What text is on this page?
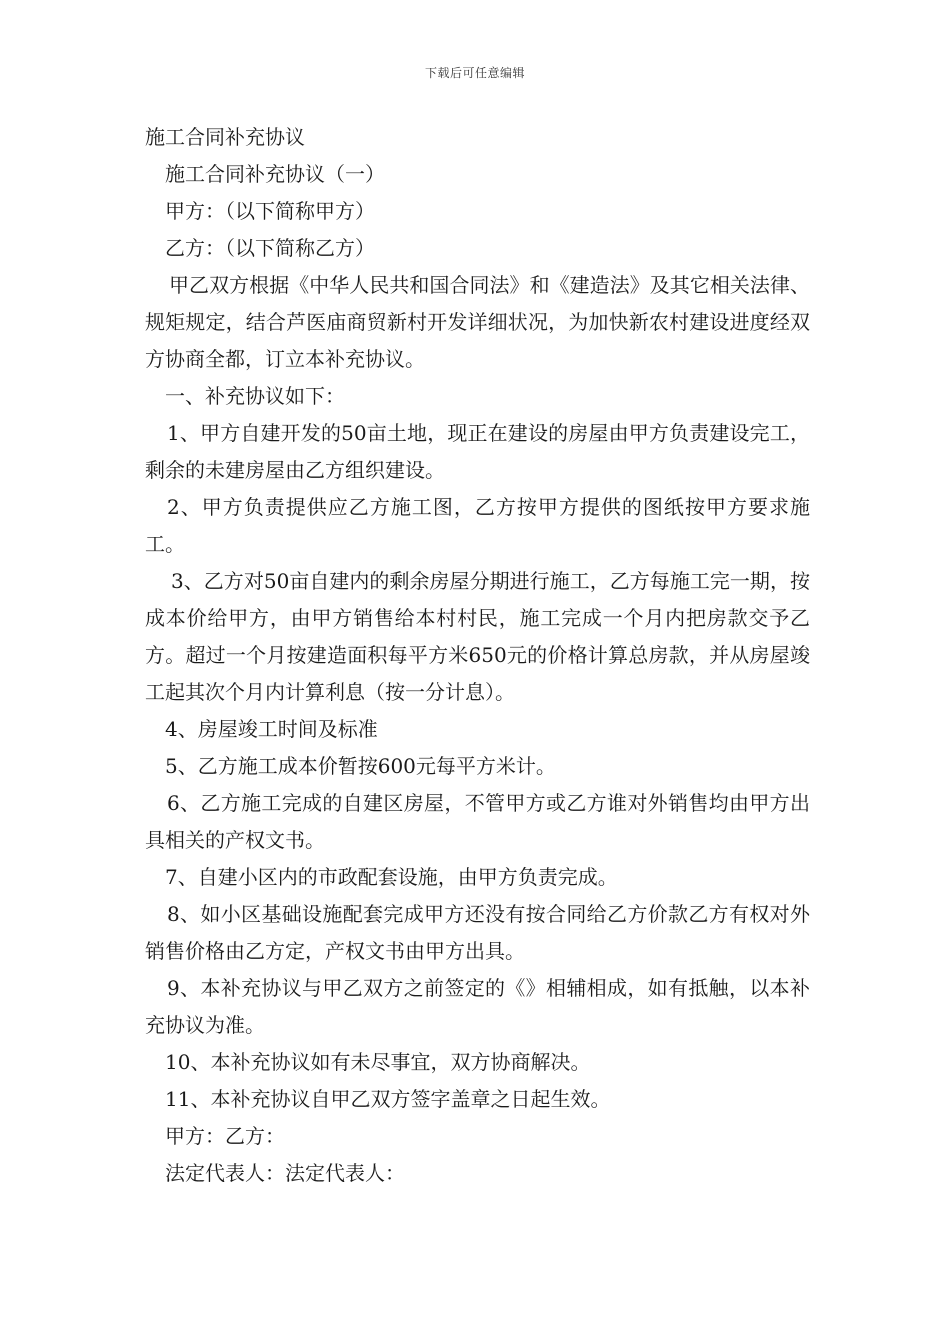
下载后可任意编辑

施工合同补充协议

施工合同补充协议（一）

甲方：（以下简称甲方）

乙方：（以下简称乙方）

甲乙双方根据《中华人民共和国合同法》和《建造法》及其它相关法律、规矩规定，结合芦医庙商贸新村开发详细状况，为加快新农村建设进度经双方协商全都，订立本补充协议。

一、补充协议如下：

1、甲方自建开发的50亩土地，现正在建设的房屋由甲方负责建设完工，剩余的未建房屋由乙方组织建设。

2、甲方负责提供应乙方施工图，乙方按甲方提供的图纸按甲方要求施工。

3、乙方对50亩自建内的剩余房屋分期进行施工，乙方每施工完一期，按成本价给甲方，由甲方销售给本村村民，施工完成一个月内把房款交予乙方。超过一个月按建造面积每平方米650元的价格计算总房款，并从房屋竣工起其次个月内计算利息（按一分计息）。

4、房屋竣工时间及标准

5、乙方施工成本价暂按600元每平方米计。

6、乙方施工完成的自建区房屋，不管甲方或乙方谁对外销售均由甲方出具相关的产权文书。

7、自建小区内的市政配套设施，由甲方负责完成。

8、如小区基础设施配套完成甲方还没有按合同给乙方价款乙方有权对外销售价格由乙方定，产权文书由甲方出具。

9、本补充协议与甲乙双方之前签定的《》相辅相成，如有抵触，以本补充协议为准。

10、本补充协议如有未尽事宜，双方协商解决。

11、本补充协议自甲乙双方签字盖章之日起生效。

甲方：乙方：

法定代表人：法定代表人：
